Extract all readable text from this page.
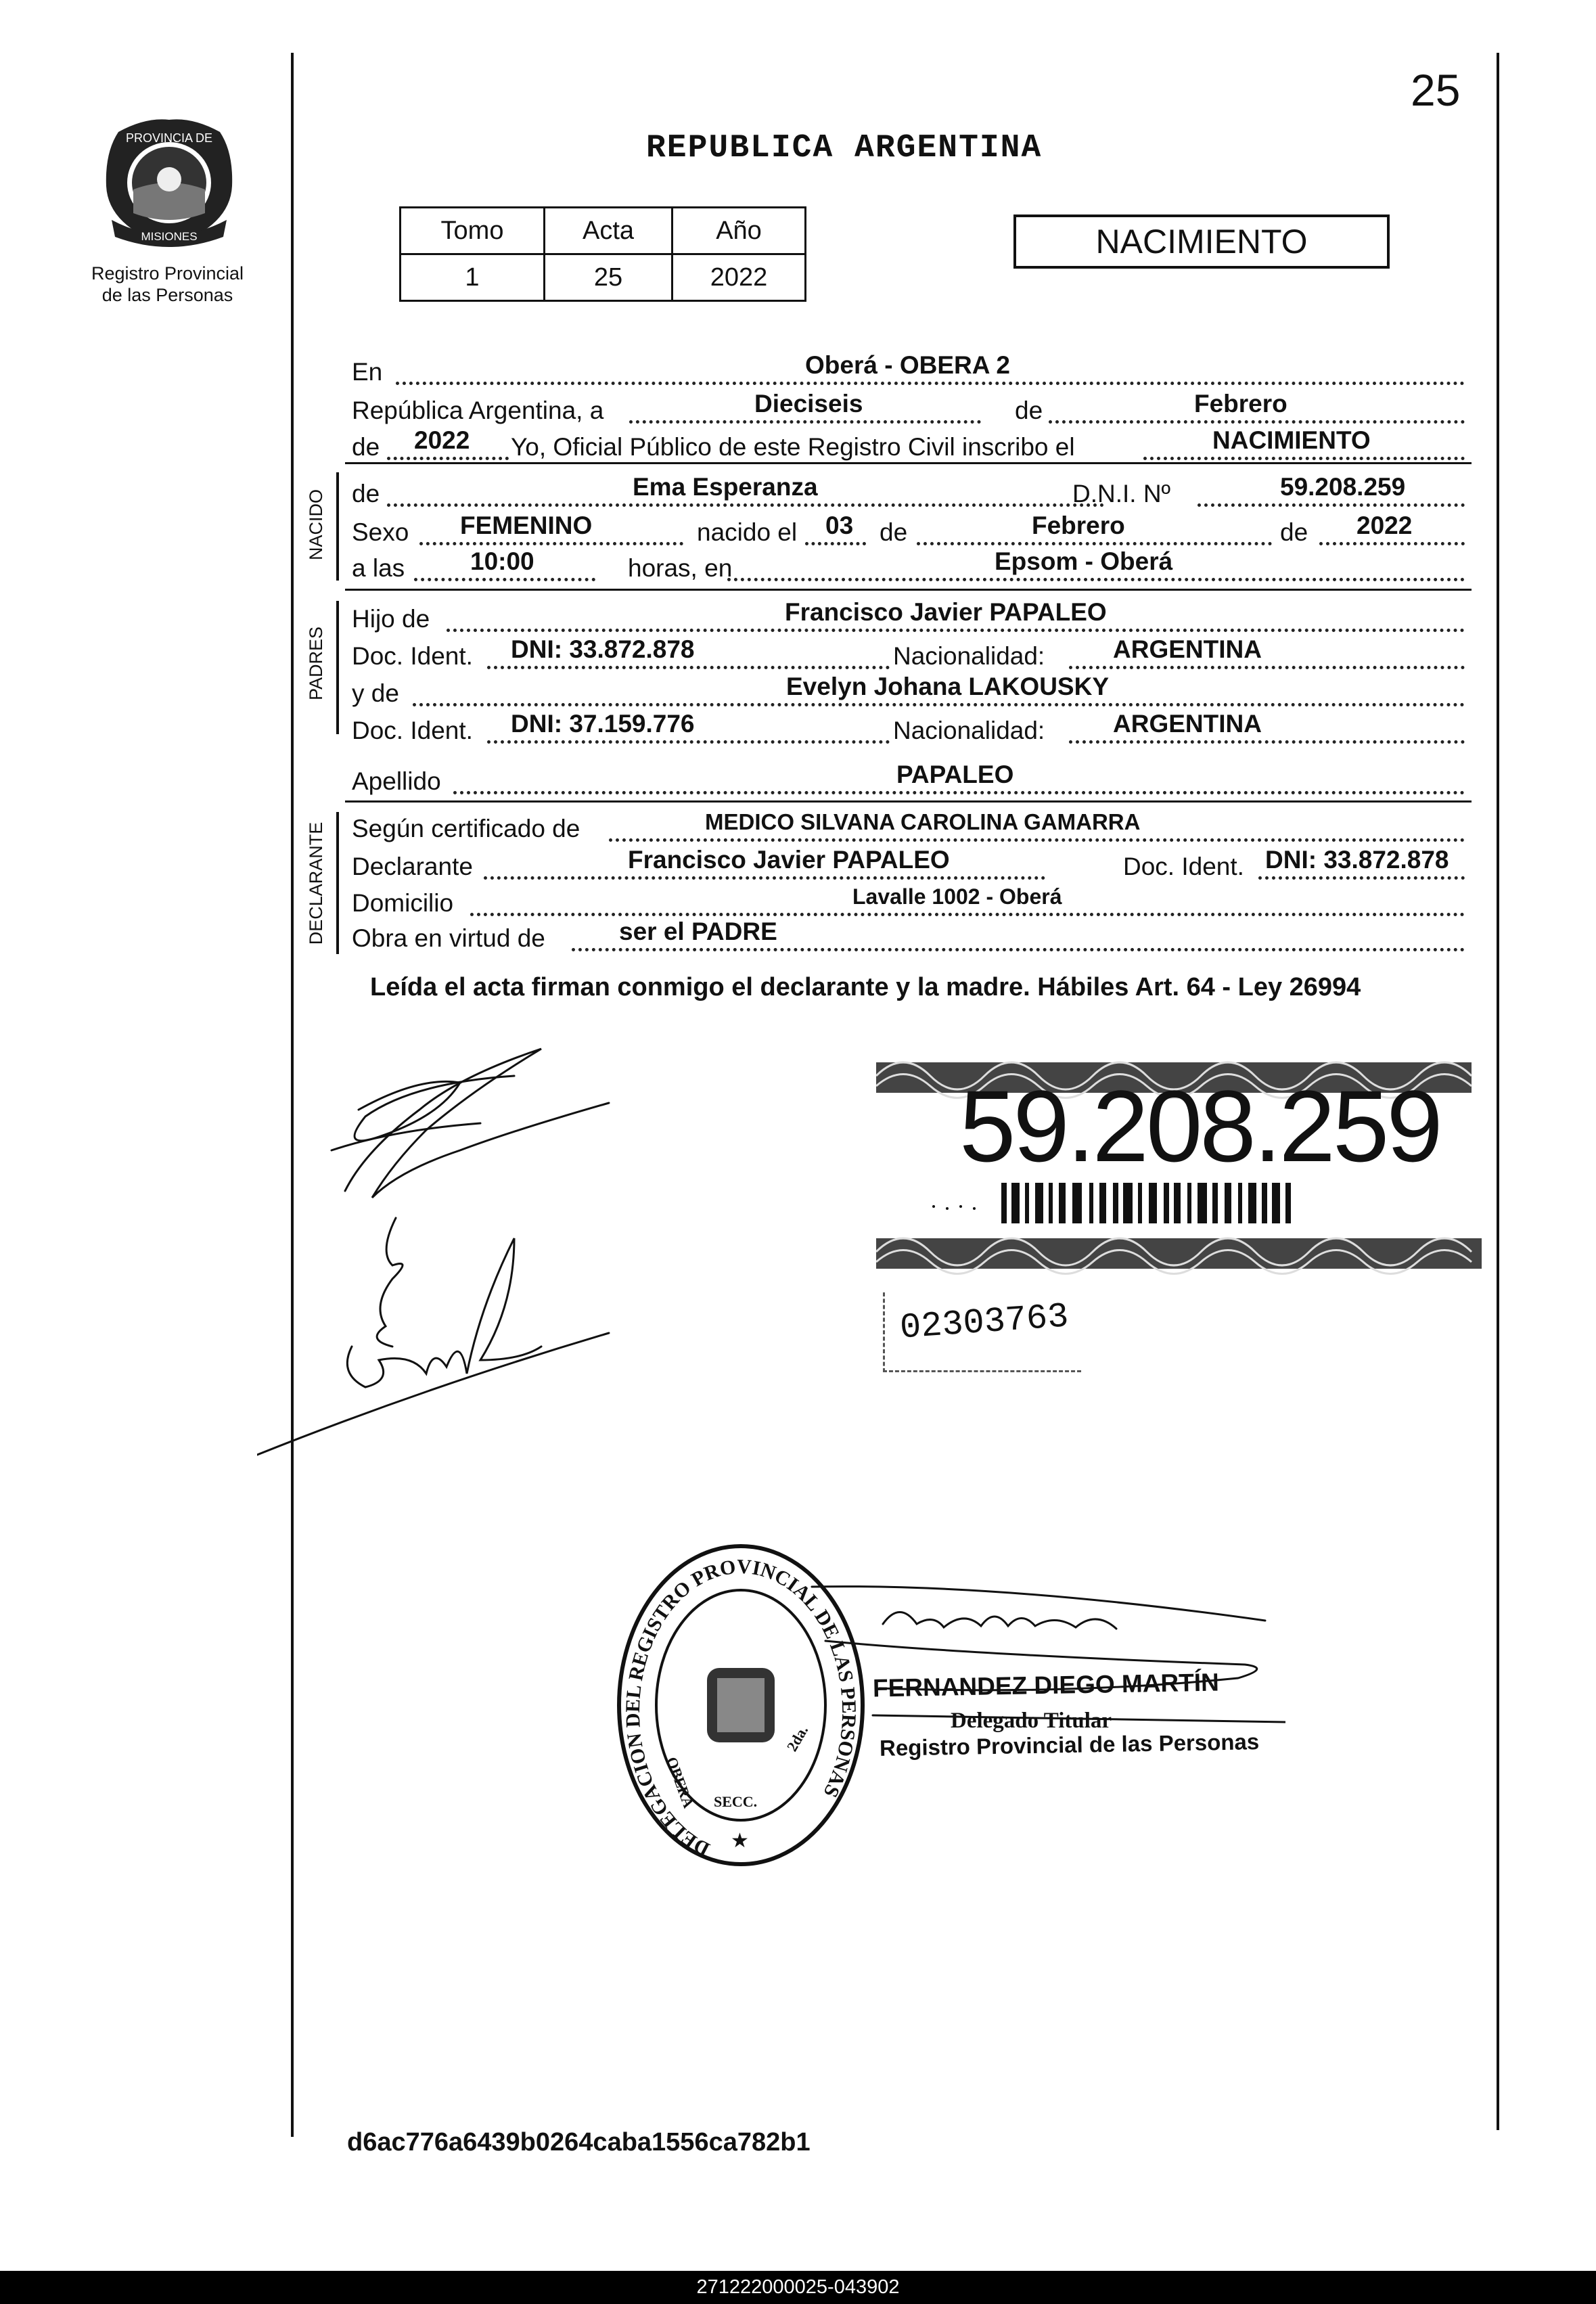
25
PROVINCIA DE
MISIONES
Registro Provincial
de las Personas
REPUBLICA ARGENTINA
Tomo	Acta	Año
1	25	2022
NACIMIENTO
En	Oberá - OBERA 2
República Argentina, a	Dieciseis	de	Febrero
de 2022 Yo, Oficial Público de este Registro Civil inscribo el	NACIMIENTO
NACIDO de	Ema Esperanza	D.N.I. Nº	59.208.259
Sexo FEMENINO	nacido el 03 de	Febrero	de 2022
a las	10:00	horas, en	Epsom - Oberá
PADRES
Hijo de	Francisco Javier PAPALEO
Doc. Ident. DNI: 33.872.878	Nacionalidad:	ARGENTINA
y de	Evelyn Johana LAKOUSKY
Doc. Ident. DNI: 37.159.776	Nacionalidad:	ARGENTINA
Apellido	PAPALEO
DECLARANTE Según certificado de	MEDICO SILVANA CAROLINA GAMARRA
Declarante	Francisco Javier PAPALEO	Doc. Ident. DNI: 33.872.878
Domicilio	Lavalle 1002 - Oberá
Obra en virtud de	ser el PADRE
Leída el acta firman conmigo el declarante y la madre. Hábiles Art. 64 - Ley 26994
59.208.259
02303763
DELEGACION DEL REGISTRO PROVINCIAL DE LAS PERSONAS
OBERA
2da.
SECC.
★
FERNANDEZ DIEGO MARTÍN
Delegado Titular
Registro Provincial de las Personas
d6ac776a6439b0264caba1556ca782b1
271222000025-043902
